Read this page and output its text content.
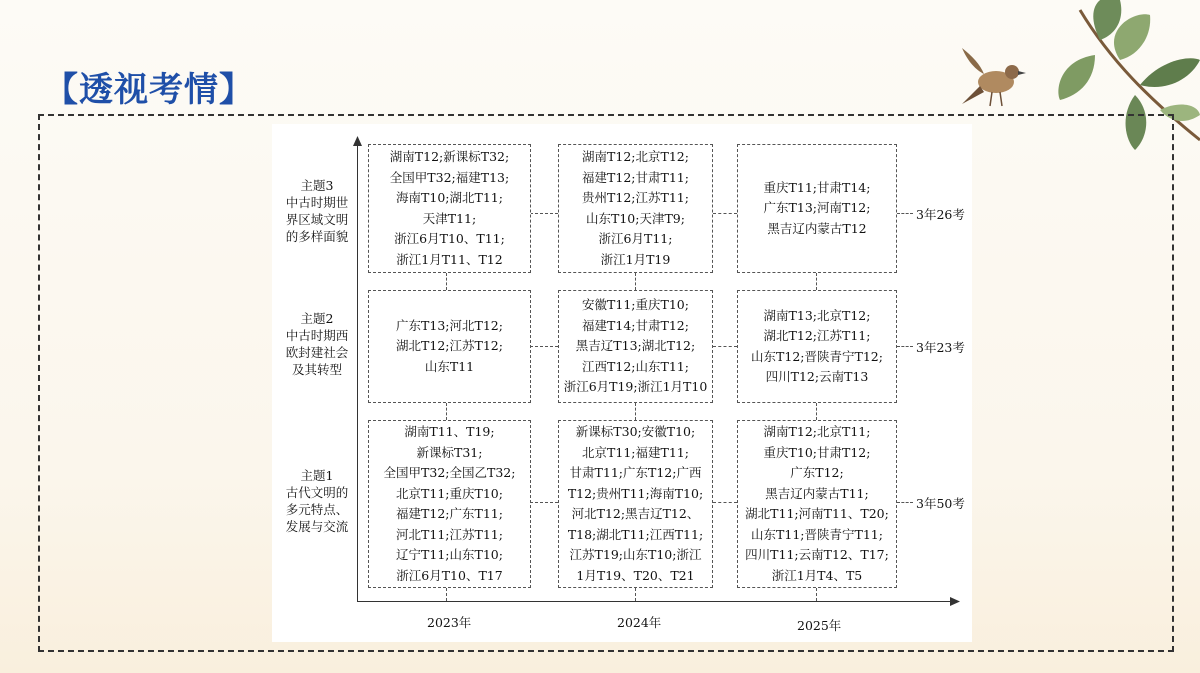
【透视考情】
主题3
中古时期世
界区域文明
的多样面貌
主题2
中古时期西
欧封建社会
及其转型
主题1
古代文明的
多元特点、
发展与交流
湖南T12;新课标T32;
全国甲T32;福建T13;
海南T10;湖北T11;
天津T11;
浙江6月T10、T11;
浙江1月T11、T12
湖南T12;北京T12;
福建T12;甘肃T11;
贵州T12;江苏T11;
山东T10;天津T9;
浙江6月T11;
浙江1月T19
重庆T11;甘肃T14;
广东T13;河南T12;
黑吉辽内蒙古T12
广东T13;河北T12;
湖北T12;江苏T12;
山东T11
安徽T11;重庆T10;
福建T14;甘肃T12;
黑吉辽T13;湖北T12;
江西T12;山东T11;
浙江6月T19;浙江1月T10
湖南T13;北京T12;
湖北T12;江苏T11;
山东T12;晋陕青宁T12;
四川T12;云南T13
湖南T11、T19;
新课标T31;
全国甲T32;全国乙T32;
北京T11;重庆T10;
福建T12;广东T11;
河北T11;江苏T11;
辽宁T11;山东T10;
浙江6月T10、T17
新课标T30;安徽T10;
北京T11;福建T11;
甘肃T11;广东T12;广西
T12;贵州T11;海南T10;
河北T12;黑吉辽T12、
T18;湖北T11;江西T11;
江苏T19;山东T10;浙江
1月T19、T20、T21
湖南T12;北京T11;
重庆T10;甘肃T12;
广东T12;
黑吉辽内蒙古T11;
湖北T11;河南T11、T20;
山东T11;晋陕青宁T11;
四川T11;云南T12、T17;
浙江1月T4、T5
3年26考
3年23考
3年50考
2023年	2024年	2025年
